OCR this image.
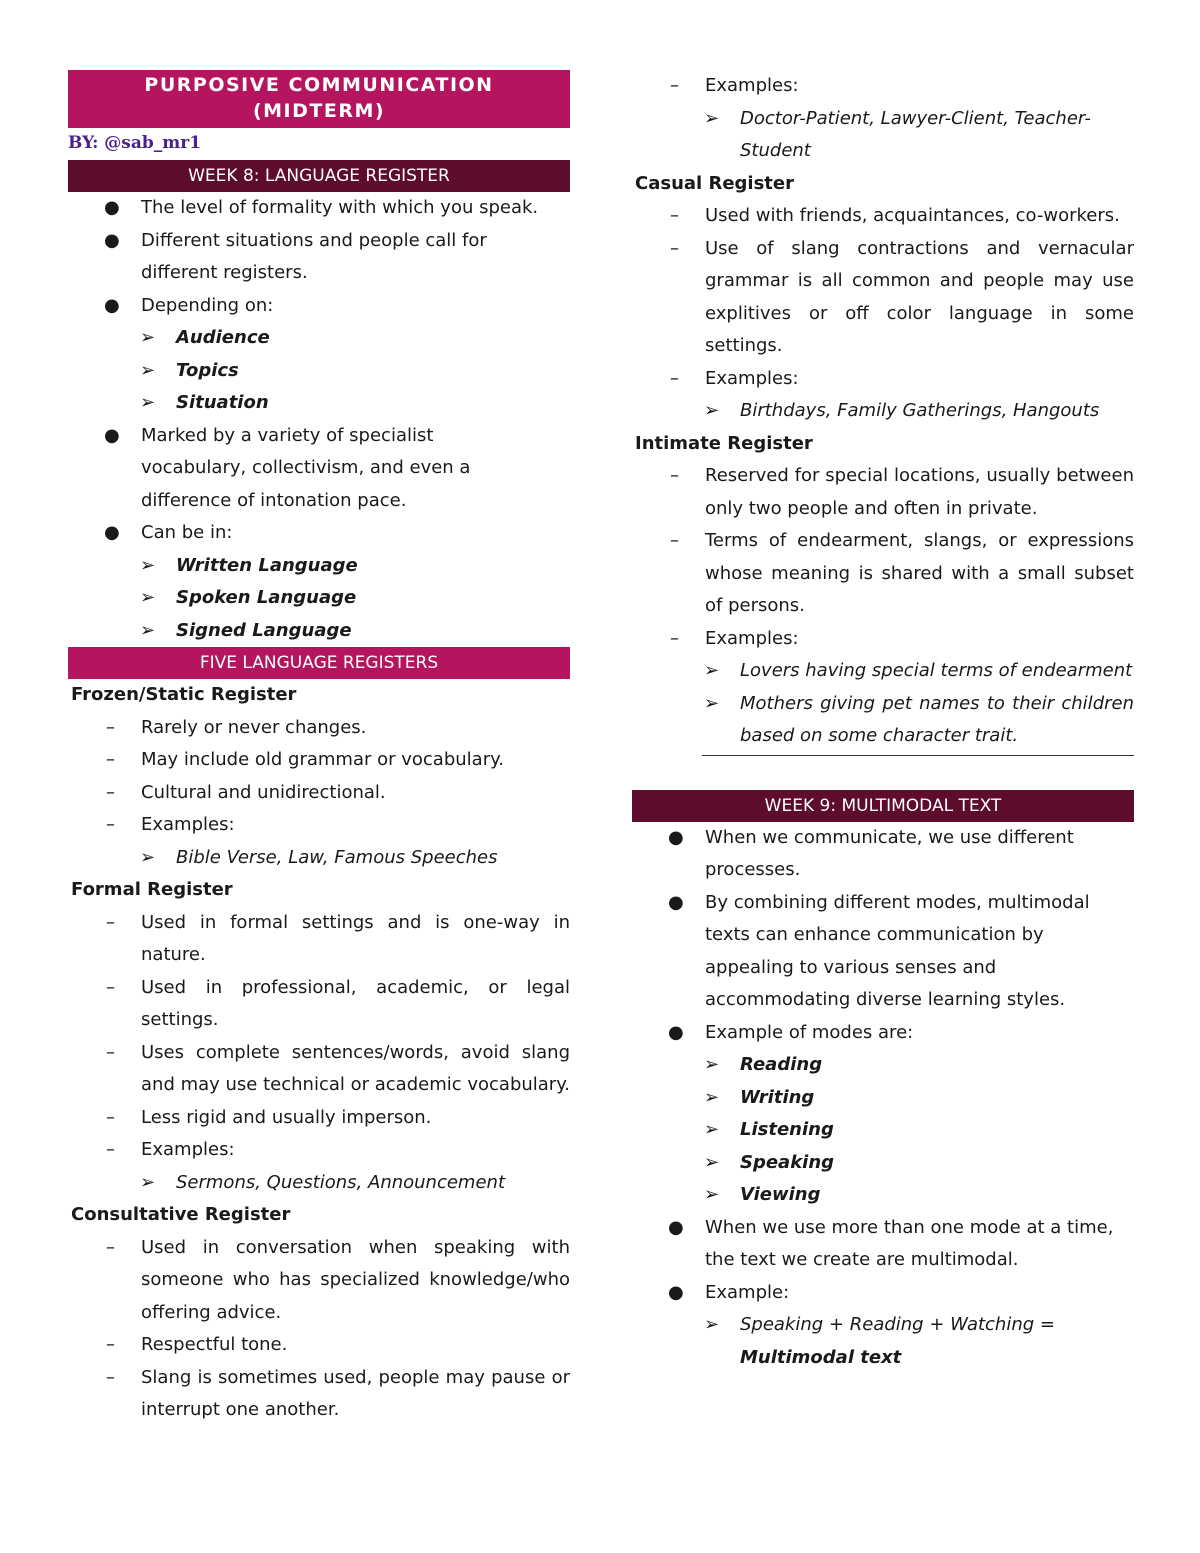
PURPOSIVE COMMUNICATION
(MIDTERM)
BY: @sab_mr1
WEEK 8: LANGUAGE REGISTER
●	The level of formality with which you speak.
●	Different situations and people call for different registers.
●	Depending on:
➢	Audience
➢	Topics
➢	Situation
●	Marked by a variety of specialist vocabulary, collectivism, and even a difference of intonation pace.
●	Can be in:
➢	Written Language
➢	Spoken Language
➢	Signed Language
FIVE LANGUAGE REGISTERS
Frozen/Static Register
–	Rarely or never changes.
–	May include old grammar or vocabulary.
–	Cultural and unidirectional.
–	Examples:
➢	Bible Verse, Law, Famous Speeches
Formal Register
–	Used in formal settings and is one-way in nature.
–	Used in professional, academic, or legal settings.
–	Uses complete sentences/words, avoid slang and may use technical or academic vocabulary.
–	Less rigid and usually imperson.
–	Examples:
➢	Sermons, Questions, Announcement
Consultative Register
–	Used in conversation when speaking with someone who has specialized knowledge/who offering advice.
–	Respectful tone.
–	Slang is sometimes used, people may pause or interrupt one another.
–	Examples:
➢	Doctor-Patient, Lawyer-Client, Teacher-Student
Casual Register
–	Used with friends, acquaintances, co-workers.
–	Use of slang contractions and vernacular grammar is all common and people may use explitives or off color language in some settings.
–	Examples:
➢	Birthdays, Family Gatherings, Hangouts
Intimate Register
–	Reserved for special locations, usually between only two people and often in private.
–	Terms of endearment, slangs, or expressions whose meaning is shared with a small subset of persons.
–	Examples:
➢	Lovers having special terms of endearment
➢	Mothers giving pet names to their children based on some character trait.
WEEK 9: MULTIMODAL TEXT
●	When we communicate, we use different processes.
●	By combining different modes, multimodal texts can enhance communication by appealing to various senses and accommodating diverse learning styles.
●	Example of modes are:
➢	Reading
➢	Writing
➢	Listening
➢	Speaking
➢	Viewing
●	When we use more than one mode at a time, the text we create are multimodal.
●	Example:
➢	Speaking + Reading + Watching =
Multimodal text
